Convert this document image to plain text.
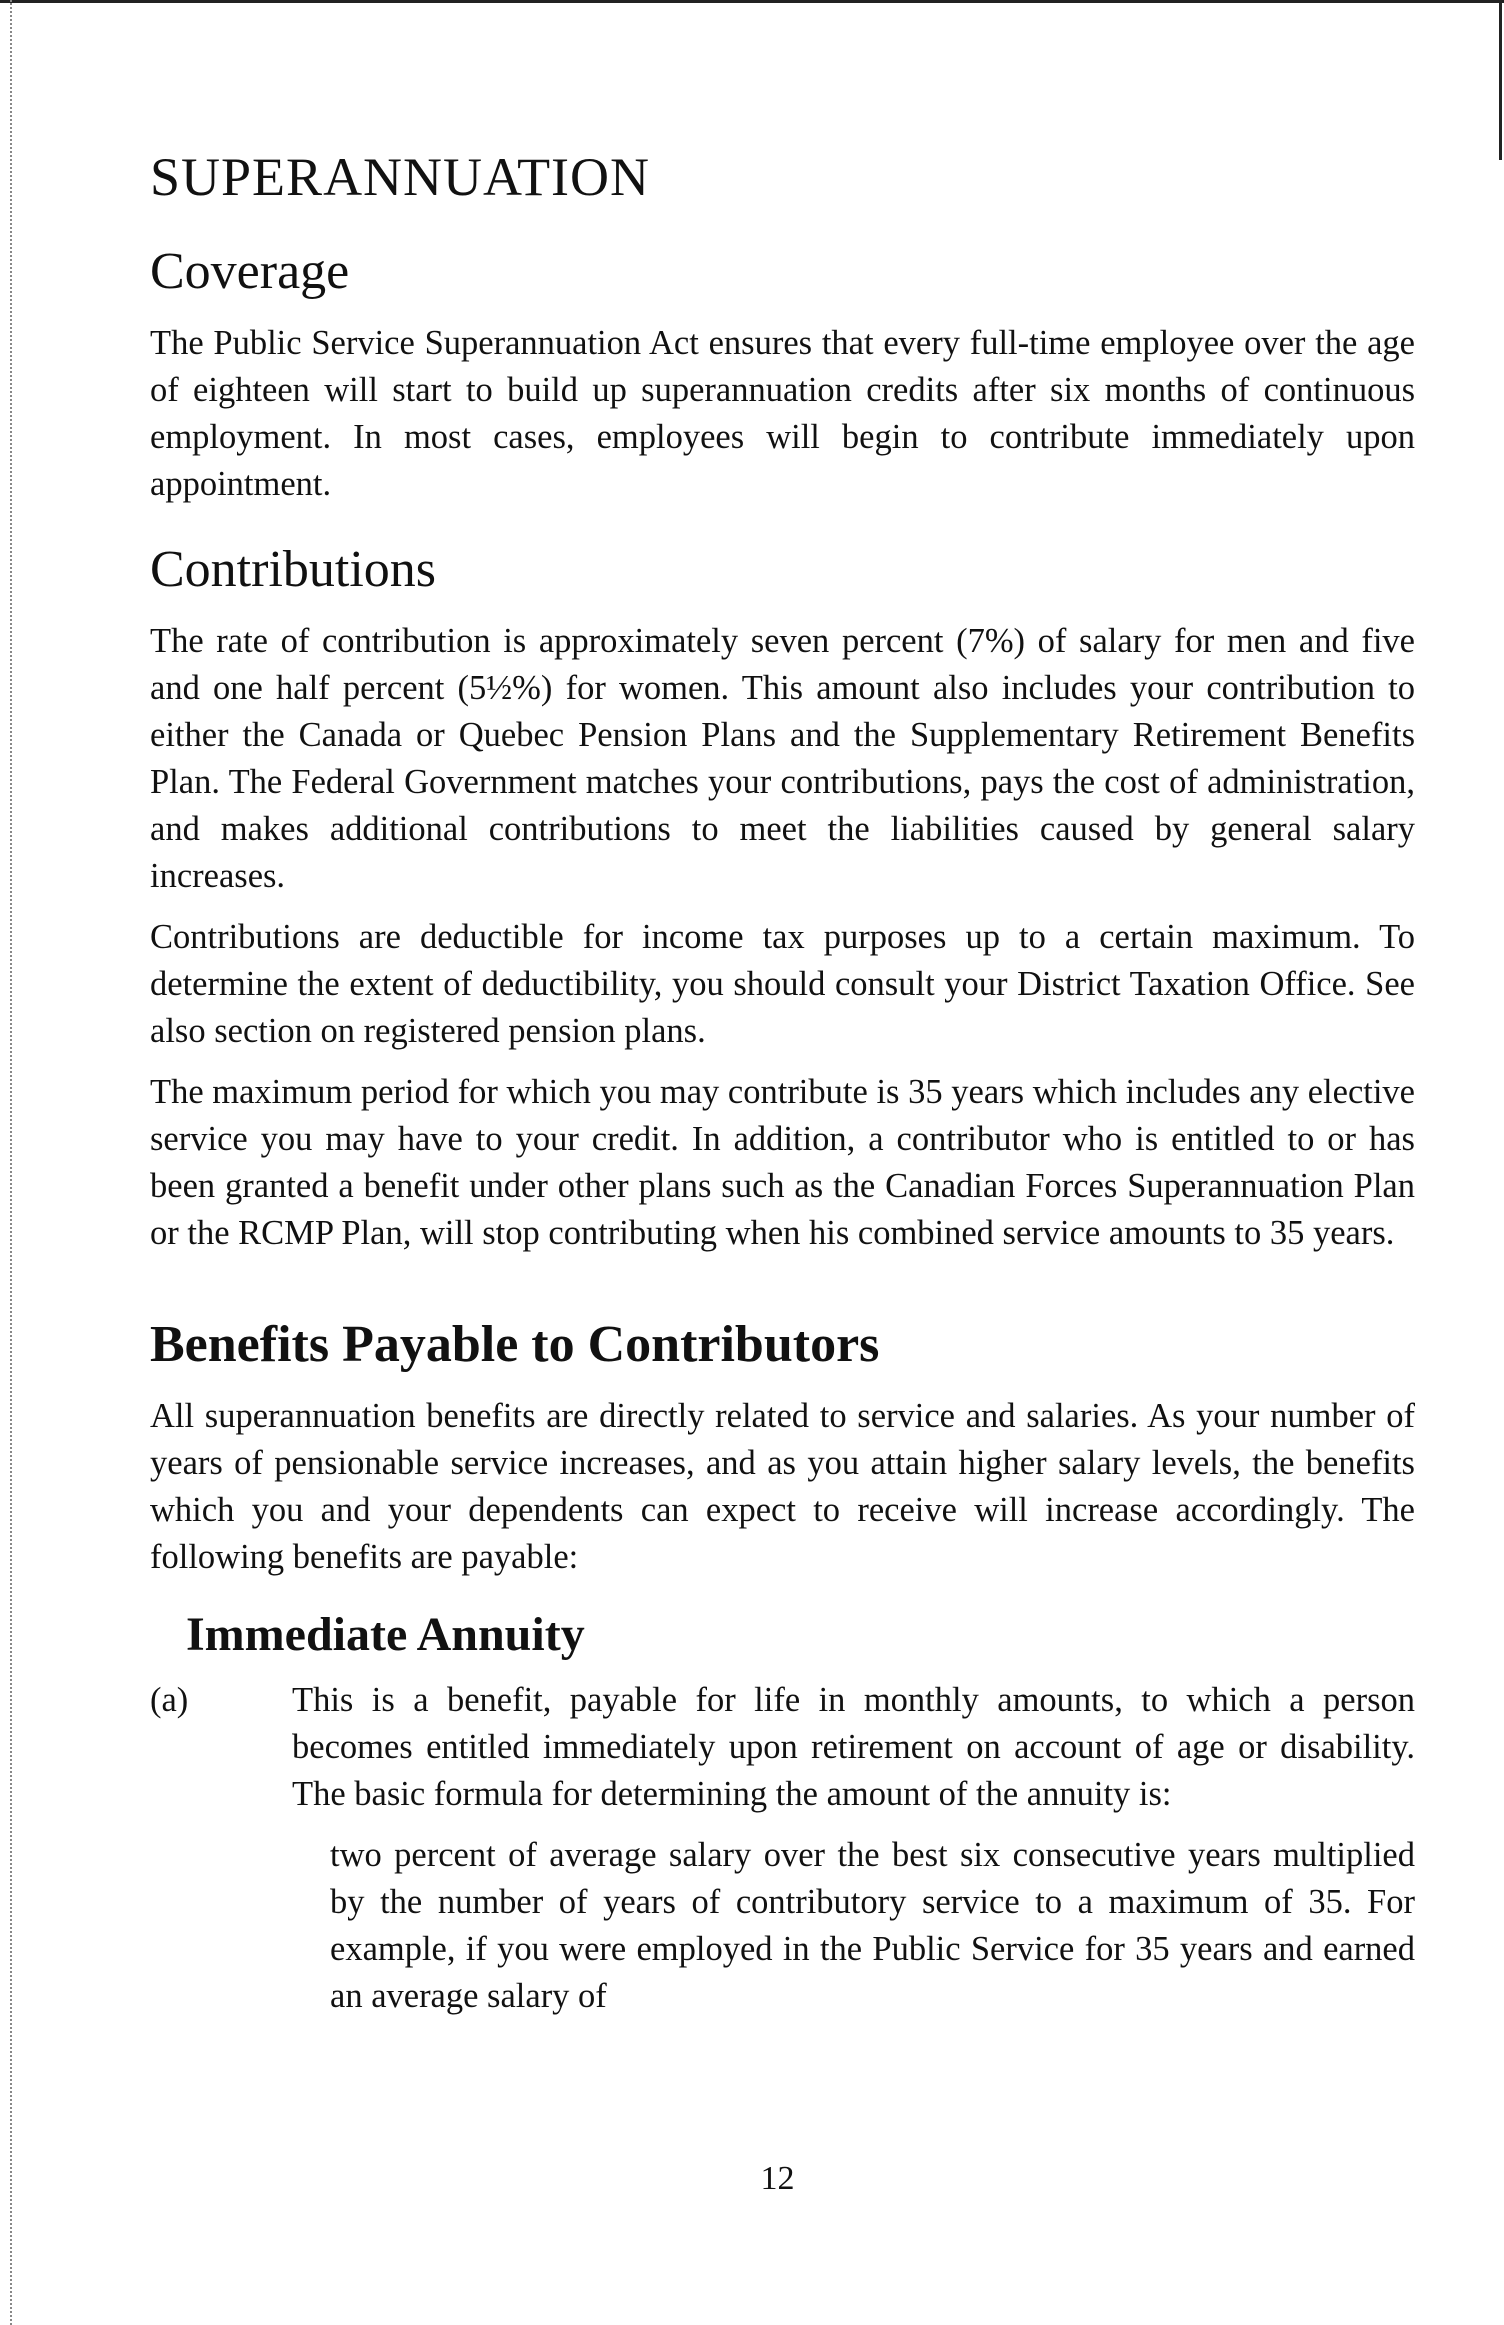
SUPERANNUATION
Coverage

The Public Service Superannuation Act ensures that every full-time employee over the age of eighteen will start to build up superannuation credits after six months of continuous employment. In most cases, employees will begin to contribute immediately upon appointment.

Contributions

The rate of contribution is approximately seven percent (7%) of salary for men and five and one half percent (5½%) for women. This amount also includes your contribution to either the Canada or Quebec Pension Plans and the Supplementary Retirement Benefits Plan. The Federal Government matches your contributions, pays the cost of administration, and makes additional contributions to meet the liabilities caused by general salary increases.

Contributions are deductible for income tax purposes up to a certain maximum. To determine the extent of deductibility, you should consult your District Taxation Office. See also section on registered pension plans.

The maximum period for which you may contribute is 35 years which includes any elective service you may have to your credit. In addition, a contributor who is entitled to or has been granted a benefit under other plans such as the Canadian Forces Superannuation Plan or the RCMP Plan, will stop contributing when his combined service amounts to 35 years.

Benefits Payable to Contributors

All superannuation benefits are directly related to service and salaries. As your number of years of pensionable service increases, and as you attain higher salary levels, the benefits which you and your dependents can expect to receive will increase accordingly. The following benefits are payable:

Immediate Annuity
(a)	This is a benefit, payable for life in monthly amounts, to which a person becomes entitled immediately upon retirement on account of age or disability. The basic formula for determining the amount of the annuity is:

two percent of average salary over the best six consecutive years multiplied by the number of years of contributory service to a maximum of 35. For example, if you were employed in the Public Service for 35 years and earned an average salary of

12
